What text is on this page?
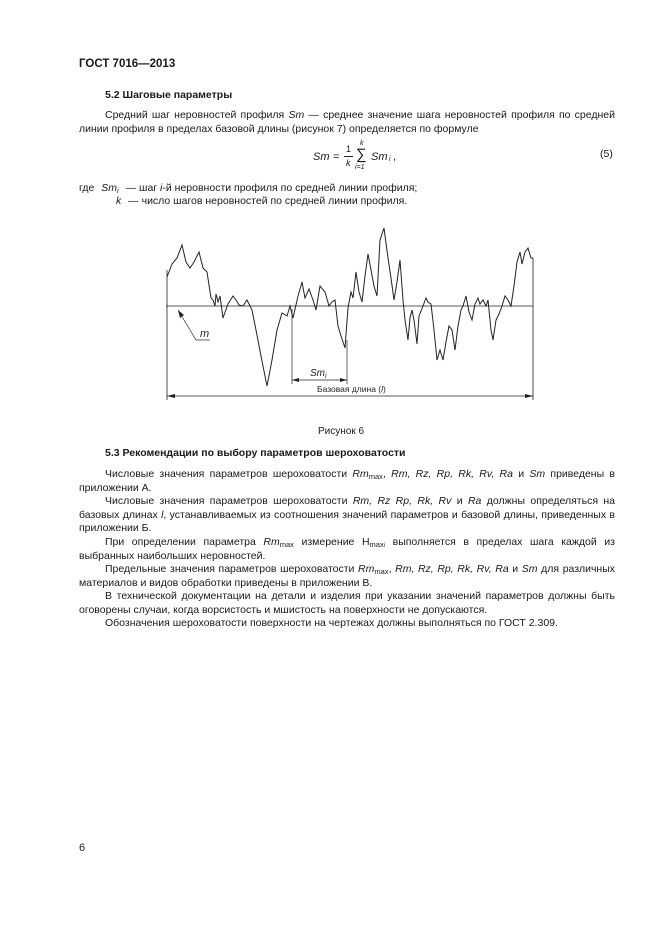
ГОСТ 7016—2013
5.2 Шаговые параметры
Средний шаг неровностей профиля Sm — среднее значение шага неровностей профиля по средней линии профиля в пределах базовой длины (рисунок 7) определяется по формуле
Sm =
1
k
k
∑
i=1
Sm i ,	(5)
где $Sm_i$ — шаг i-й неровности профиля по средней линии профиля;
k — число шагов неровностей по средней линии профиля.
m
$Sm_i$
Базовая длина (l)
Рисунок 6
5.3 Рекомендации по выбору параметров шероховатости
Числовые значения параметров шероховатости $Rm_{max}$, Rm, Rz, Rp, Rk, Rv, Ra и Sm приведены в приложении А.
Числовые значения параметров шероховатости Rm, Rz Rp, Rk, Rv и Ra должны определяться на базовых длинах l, устанавливаемых из соотношения значений параметров и базовой длины, приведенных в приложении Б.
При определении параметра $Rm_{max}$ измерение $H_{maxi}$ выполняется в пределах шага каждой из выбранных наибольших неровностей.
Предельные значения параметров шероховатости $Rm_{max}$, Rm, Rz, Rp, Rk, Rv, Ra и Sm для различных материалов и видов обработки приведены в приложении В.
В технической документации на детали и изделия при указании значений параметров должны быть оговорены случаи, когда ворсистость и мшистость на поверхности не допускаются.
Обозначения шероховатости поверхности на чертежах должны выполняться по ГОСТ 2.309.
6
